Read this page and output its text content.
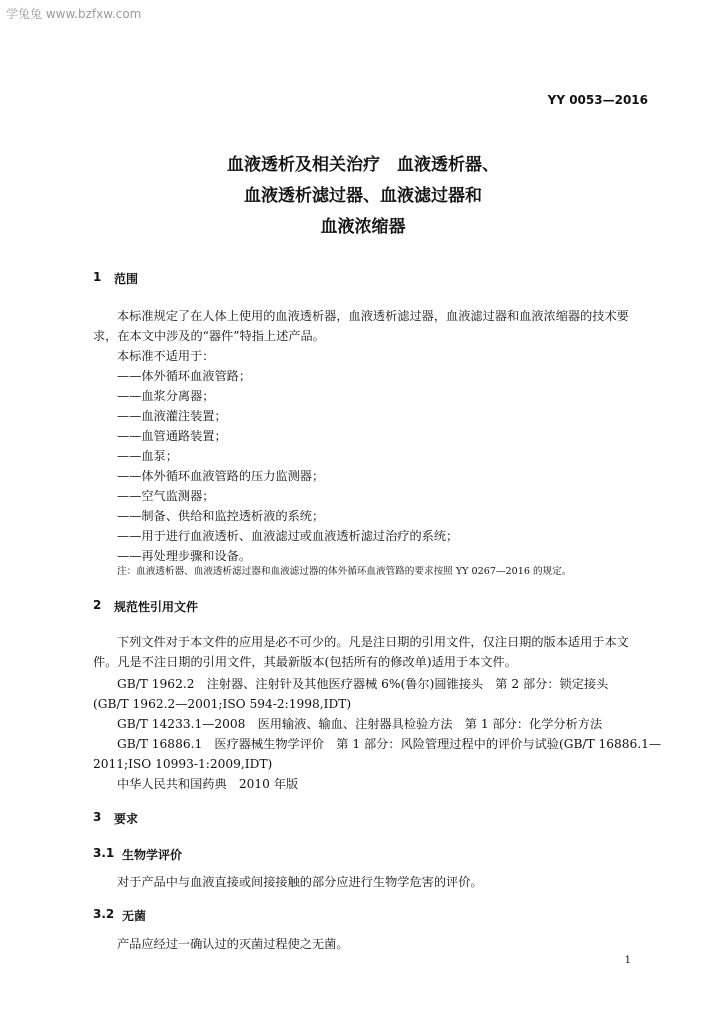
学兔兔 www.bzfxw.com
YY 0053—2016
血液透析及相关治疗　血液透析器、
血液透析滤过器、血液滤过器和
血液浓缩器
1 范围
本标准规定了在人体上使用的血液透析器，血液透析滤过器，血液滤过器和血液浓缩器的技术要
求，在本文中涉及的“器件”特指上述产品。
本标准不适用于：
——体外循环血液管路；
——血浆分离器；
——血液灌注装置；
——血管通路装置；
——血泵；
——体外循环血液管路的压力监测器；
——空气监测器；
——制备、供给和监控透析液的系统；
——用于进行血液透析、血液滤过或血液透析滤过治疗的系统；
——再处理步骤和设备。
注：血液透析器、血液透析滤过器和血液滤过器的体外循环血液管路的要求按照 YY 0267—2016 的规定。
2 规范性引用文件
下列文件对于本文件的应用是必不可少的。凡是注日期的引用文件，仅注日期的版本适用于本文
件。凡是不注日期的引用文件，其最新版本(包括所有的修改单)适用于本文件。
GB/T 1962.2　注射器、注射针及其他医疗器械 6%(鲁尔)圆锥接头　第 2 部分：锁定接头
(GB/T 1962.2—2001;ISO 594-2:1998,IDT)
GB/T 14233.1—2008　医用输液、输血、注射器具检验方法　第 1 部分：化学分析方法
GB/T 16886.1　医疗器械生物学评价　第 1 部分：风险管理过程中的评价与试验(GB/T 16886.1—
2011;ISO 10993-1:2009,IDT)
中华人民共和国药典　2010 年版
3 要求
3.1 生物学评价
对于产品中与血液直接或间接接触的部分应进行生物学危害的评价。
3.2 无菌
产品应经过一确认过的灭菌过程使之无菌。
1
